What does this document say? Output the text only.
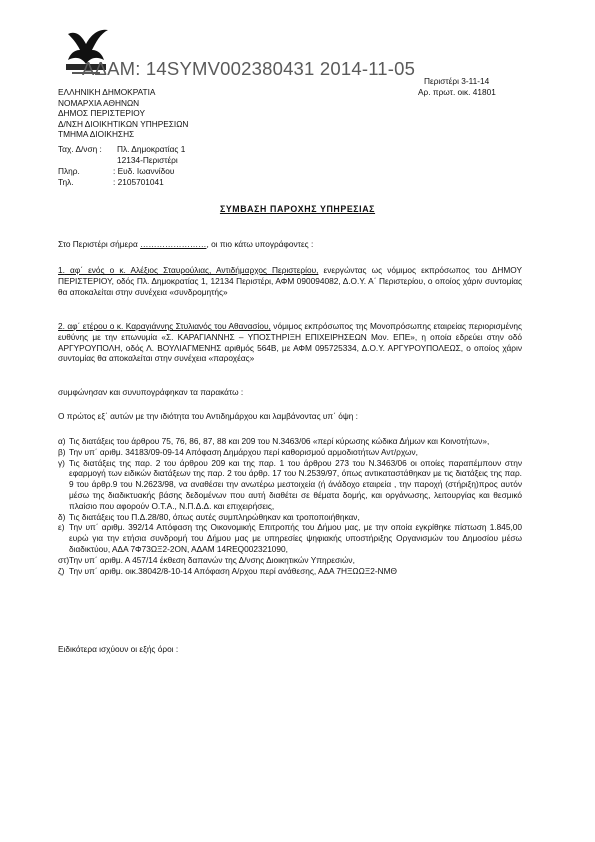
ΑΔΑΜ: 14SYMV002380431 2014-11-05
Περιστέρι 3-11-14
Αρ. πρωτ. οικ. 41801
ΕΛΛΗΝΙΚΗ ΔΗΜΟΚΡΑΤΙΑ
ΝΟΜΑΡΧΙΑ ΑΘΗΝΩΝ
ΔΗΜΟΣ ΠΕΡΙΣΤΕΡΙΟΥ
Δ/ΝΣΗ ΔΙΟΙΚΗΤΙΚΩΝ ΥΠΗΡΕΣΙΩΝ
ΤΜΗΜΑ ΔΙΟΙΚΗΣΗΣ
Ταχ. Δ/νση : Πλ. Δημοκρατίας 1
12134-Περιστέρι
Πληρ.	: Ευδ. Ιωαννίδου
Τηλ.	: 2105701041
ΣΥΜΒΑΣΗ ΠΑΡΟΧΗΣ ΥΠΗΡΕΣΙΑΣ
Στο Περιστέρι σήμερα ……………………, οι πιο κάτω υπογράφοντες :
1. αφ΄ ενός ο κ. Αλέξιος Σταυρούλιας, Αντιδήμαρχος Περιστερίου, ενεργώντας ως νόμιμος εκπρόσωπος του ΔΗΜΟΥ ΠΕΡΙΣΤΕΡΙΟΥ, οδός Πλ. Δημοκρατίας 1, 12134 Περιστέρι, ΑΦΜ 090094082, Δ.Ο.Υ. Α΄ Περιστερίου, ο οποίος χάριν συντομίας θα αποκαλείται στην συνέχεια «συνδρομητής»
2. αφ΄ ετέρου ο κ. Καραγιάννης Στυλιανός του Αθανασίου, νόμιμος εκπρόσωπος της Μονοπρόσωπης εταιρείας περιορισμένης ευθύνης με την επωνυμία «Σ. ΚΑΡΑΓΙΑΝΝΗΣ – ΥΠΟΣΤΗΡΙΞΗ ΕΠΙΧΕΙΡΗΣΕΩΝ Μον. ΕΠΕ», η οποία εδρεύει στην οδό ΑΡΓΥΡΟΥΠΟΛΗ, οδός Λ. ΒΟΥΛΙΑΓΜΕΝΗΣ αριθμός 564Β, με ΑΦΜ 095725334, Δ.Ο.Υ. ΑΡΓΥΡΟΥΠΟΛΕΩΣ, ο οποίος χάριν συντομίας θα αποκαλείται στην συνέχεια «παροχέας»
συμφώνησαν και συνυπογράφηκαν τα παρακάτω :
Ο πρώτος εξ΄ αυτών με την ιδιότητα του Αντιδημάρχου και λαμβάνοντας υπ΄ όψη :
α) Τις διατάξεις του άρθρου 75, 76, 86, 87, 88 και 209 του Ν.3463/06 «περί κύρωσης κώδικα Δήμων και Κοινοτήτων»,
β) Την υπ΄ αριθμ. 34183/09-09-14 Απόφαση Δημάρχου περί καθορισμού αρμοδιοτήτων Αντ/ρχων,
γ) Τις διατάξεις της παρ. 2 του άρθρου 209 και της παρ. 1 του άρθρου 273 του Ν.3463/06 οι οποίες παραπέμπουν στην εφαρμογή των ειδικών διατάξεων της παρ. 2 του άρθρ. 17 του Ν.2539/97, όπως αντικαταστάθηκαν με τις διατάξεις της παρ. 9 του άρθρ.9 του Ν.2623/98, να αναθέσει την ανωτέρω μεστοιχεία (ή άνάδοχο εταιρεία , την παροχή (στήριξη)προς αυτόν μέσω της διαδικτυακής βάσης δεδομένων που αυτή διαθέτει σε θέματα δομής, και οργάνωσης, λειτουργίας και θεσμικό πλαίσιο που αφορούν Ο.Τ.Α., Ν.Π.Δ.Δ. και επιχειρήσεις,
δ) Τις διατάξεις του Π.Δ.28/80, όπως αυτές συμπληρώθηκαν και τροποποιήθηκαν,
ε) Την υπ΄ αριθμ. 392/14 Απόφαση της Οικονομικής Επιτροπής του Δήμου μας, με την οποία εγκρίθηκε πίστωση 1.845,00 ευρώ για την ετήσια συνδρομή του Δήμου μας με υπηρεσίες ψηφιακής υποστήριξης Οργανισμών του Δημοσίου μέσω διαδικτύου, ΑΔΑ 7Φ73ΩΞ2-2ΟΝ, ΑΔΑΜ 14REQ002321090,
στ) Την υπ΄ αριθμ. Α 457/14 έκθεση δαπανών της Δ/νσης Διοικητικών Υπηρεσιών,
ζ) Την υπ΄ αριθμ. οικ.38042/8-10-14 Απόφαση Α/ρχου περί ανάθεσης, ΑΔΑ 7ΗΞΩΩΞ2-ΝΜΘ
Ειδικότερα ισχύουν οι εξής όροι :
